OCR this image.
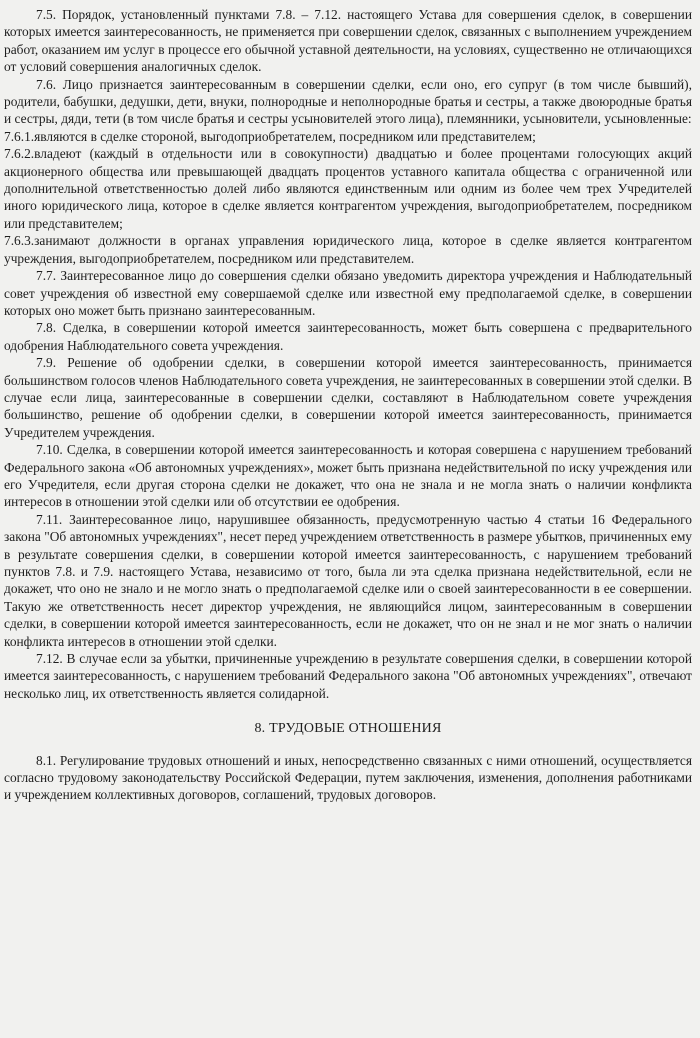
7.5. Порядок, установленный пунктами 7.8. – 7.12. настоящего Устава для совершения сделок, в совершении которых имеется заинтересованность, не применяется при совершении сделок, связанных с выполнением учреждением работ, оказанием им услуг в процессе его обычной уставной деятельности, на условиях, существенно не отличающихся от условий совершения аналогичных сделок.

7.6. Лицо признается заинтересованным в совершении сделки, если оно, его супруг (в том числе бывший), родители, бабушки, дедушки, дети, внуки, полнородные и неполнородные братья и сестры, а также двоюродные братья и сестры, дяди, тети (в том числе братья и сестры усыновителей этого лица), племянники, усыновители, усыновленные:

7.6.1.являются в сделке стороной, выгодоприобретателем, посредником или представителем;

7.6.2.владеют (каждый в отдельности или в совокупности) двадцатью и более процентами голосующих акций акционерного общества или превышающей двадцать процентов уставного капитала общества с ограниченной или дополнительной ответственностью долей либо являются единственным или одним из более чем трех Учредителей иного юридического лица, которое в сделке является контрагентом учреждения, выгодоприобретателем, посредником или представителем;

7.6.3.занимают должности в органах управления юридического лица, которое в сделке является контрагентом учреждения, выгодоприобретателем, посредником или представителем.

7.7. Заинтересованное лицо до совершения сделки обязано уведомить директора учреждения и Наблюдательный совет учреждения об известной ему совершаемой сделке или известной ему предполагаемой сделке, в совершении которых оно может быть признано заинтересованным.

7.8. Сделка, в совершении которой имеется заинтересованность, может быть совершена с предварительного одобрения Наблюдательного совета учреждения.

7.9. Решение об одобрении сделки, в совершении которой имеется заинтересованность, принимается большинством голосов членов Наблюдательного совета учреждения, не заинтересованных в совершении этой сделки. В случае если лица, заинтересованные в совершении сделки, составляют в Наблюдательном совете учреждения большинство, решение об одобрении сделки, в совершении которой имеется заинтересованность, принимается Учредителем учреждения.

7.10. Сделка, в совершении которой имеется заинтересованность и которая совершена с нарушением требований Федерального закона «Об автономных учреждениях», может быть признана недействительной по иску учреждения или его Учредителя, если другая сторона сделки не докажет, что она не знала и не могла знать о наличии конфликта интересов в отношении этой сделки или об отсутствии ее одобрения.

7.11. Заинтересованное лицо, нарушившее обязанность, предусмотренную частью 4 статьи 16 Федерального закона "Об автономных учреждениях", несет перед учреждением ответственность в размере убытков, причиненных ему в результате совершения сделки, в совершении которой имеется заинтересованность, с нарушением требований пунктов 7.8. и 7.9. настоящего Устава, независимо от того, была ли эта сделка признана недействительной, если не докажет, что оно не знало и не могло знать о предполагаемой сделке или о своей заинтересованности в ее совершении. Такую же ответственность несет директор учреждения, не являющийся лицом, заинтересованным в совершении сделки, в совершении которой имеется заинтересованность, если не докажет, что он не знал и не мог знать о наличии конфликта интересов в отношении этой сделки.

7.12. В случае если за убытки, причиненные учреждению в результате совершения сделки, в совершении которой имеется заинтересованность, с нарушением требований Федерального закона "Об автономных учреждениях", отвечают несколько лиц, их ответственность является солидарной.

8. ТРУДОВЫЕ ОТНОШЕНИЯ

8.1. Регулирование трудовых отношений и иных, непосредственно связанных с ними отношений, осуществляется согласно трудовому законодательству Российской Федерации, путем заключения, изменения, дополнения работниками и учреждением коллективных договоров, соглашений, трудовых договоров.
